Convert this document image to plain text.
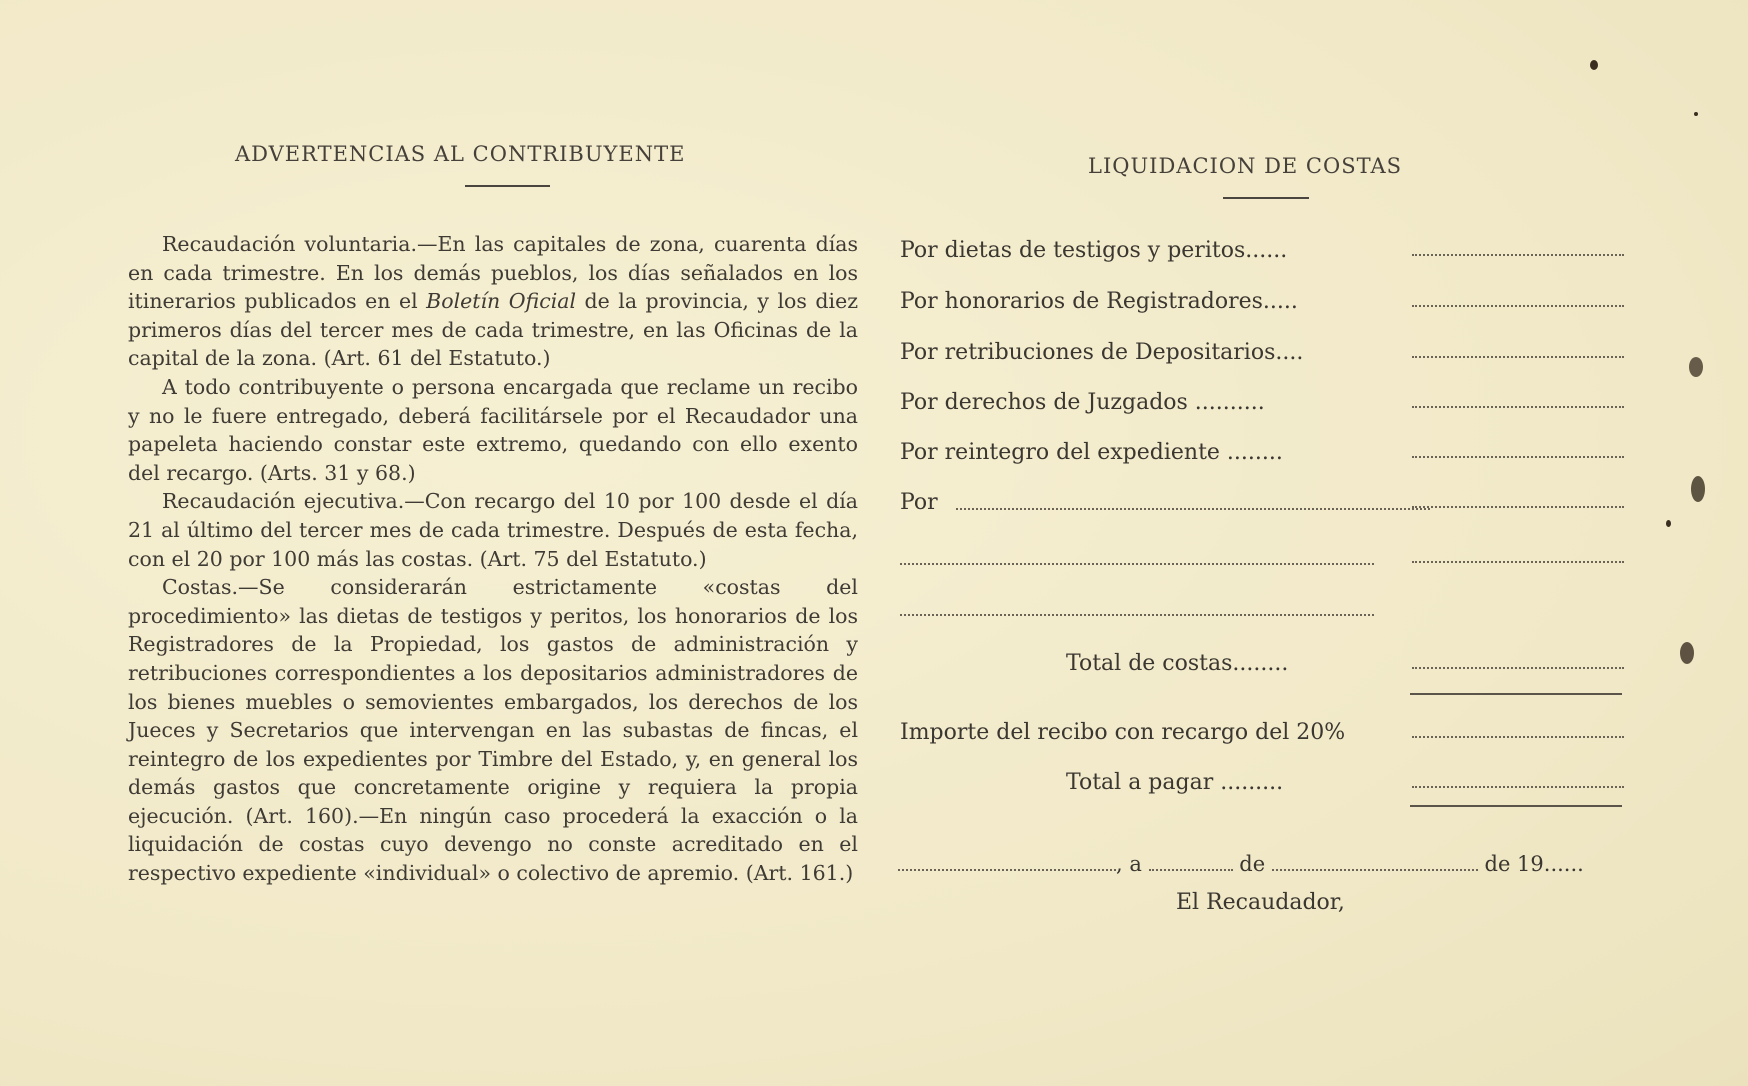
ADVERTENCIAS AL CONTRIBUYENTE	LIQUIDACION DE COSTAS

Recaudación voluntaria.—En las capitales de zona, cuarenta días en cada trimestre. En los demás pueblos, los días señalados en los itinerarios publicados en el Boletín Oficial de la provincia, y los diez primeros días del tercer mes de cada trimestre, en las Oficinas de la capital de la zona. (Art. 61 del Estatuto.)

A todo contribuyente o persona encargada que reclame un recibo y no le fuere entregado, deberá facilitársele por el Recaudador una papeleta haciendo constar este extremo, quedando con ello exento del recargo. (Arts. 31 y 68.)

Recaudación ejecutiva.—Con recargo del 10 por 100 desde el día 21 al último del tercer mes de cada trimestre. Después de esta fecha, con el 20 por 100 más las costas. (Art. 75 del Estatuto.)

Costas.—Se considerarán estrictamente «costas del procedimiento» las dietas de testigos y peritos, los honorarios de los Registradores de la Propiedad, los gastos de administración y retribuciones correspondientes a los depositarios administradores de los bienes muebles o semovientes embargados, los derechos de los Jueces y Secretarios que intervengan en las subastas de fincas, el reintegro de los expedientes por Timbre del Estado, y, en general los demás gastos que concretamente origine y requiera la propia ejecución. (Art. 160).—En ningún caso procederá la exacción o la liquidación de costas cuyo devengo no conste acreditado en el respectivo expediente «individual» o colectivo de apremio. (Art. 161.)

Por dietas de testigos y peritos......
Por honorarios de Registradores.....
Por retribuciones de Depositarios....
Por derechos de Juzgados ..........
Por reintegro del expediente ........
Por
Total de costas........
Importe del recibo con recargo del 20%
Total a pagar .........
, a	de	de 19......
El Recaudador,
